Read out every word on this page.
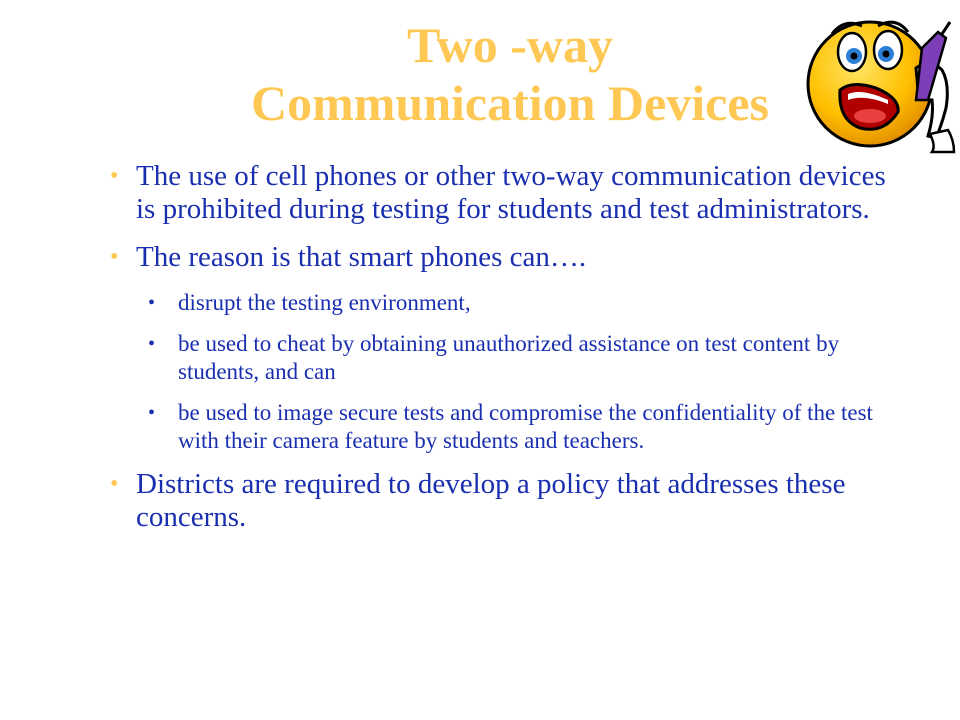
Two -way
Communication Devices
• The use of cell phones or other two-way communication devices is prohibited during testing for students and test administrators.
• The reason is that smart phones can….
• disrupt the testing environment,
• be used to cheat by obtaining unauthorized assistance on test content by students, and can
• be used to image secure tests and compromise the confidentiality of the test with their camera feature by students and teachers.
• Districts are required to develop a policy that addresses these concerns.
